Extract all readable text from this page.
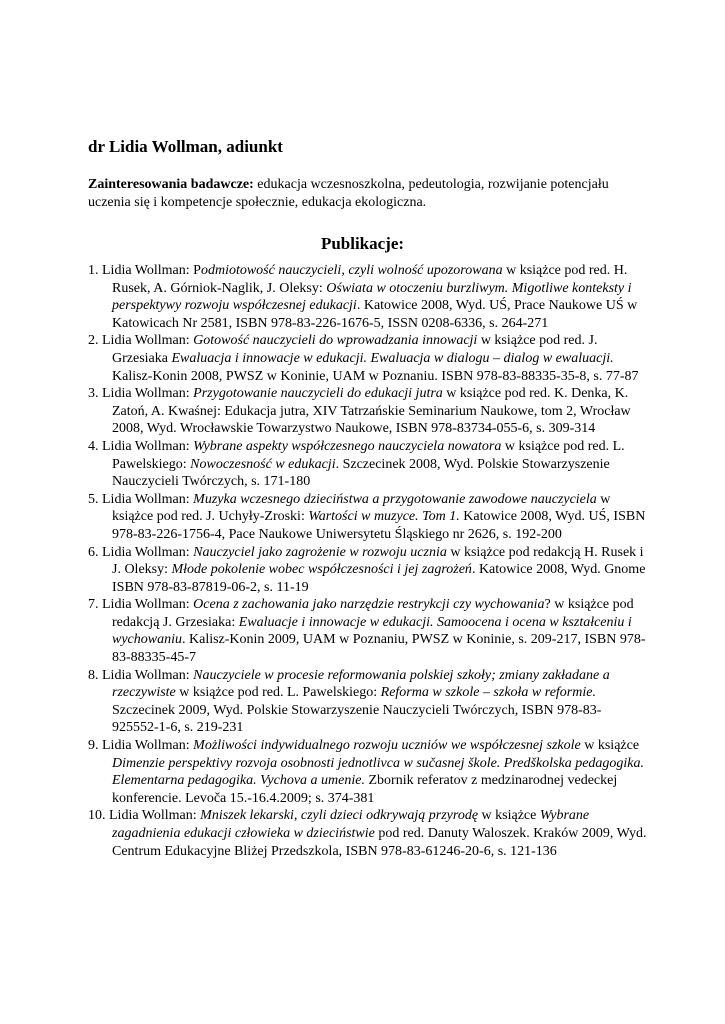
dr Lidia Wollman, adiunkt
Zainteresowania badawcze: edukacja wczesnoszkolna, pedeutologia, rozwijanie potencjału uczenia się i kompetencje społecznie, edukacja ekologiczna.
Publikacje:
1. Lidia Wollman: Podmiotowość nauczycieli, czyli wolność upozorowana w książce pod red. H. Rusek, A. Górniok-Naglik, J. Oleksy: Oświata w otoczeniu burzliwym. Migotliwe konteksty i perspektywy rozwoju współczesnej edukacji. Katowice 2008, Wyd. UŚ, Prace Naukowe UŚ w Katowicach Nr 2581, ISBN 978-83-226-1676-5, ISSN 0208-6336, s. 264-271
2. Lidia Wollman: Gotowość nauczycieli do wprowadzania innowacji w książce pod red. J. Grzesiaka Ewaluacja i innowacje w edukacji. Ewaluacja w dialogu – dialog w ewaluacji. Kalisz-Konin 2008, PWSZ w Koninie, UAM w Poznaniu. ISBN 978-83-88335-35-8, s. 77-87
3. Lidia Wollman: Przygotowanie nauczycieli do edukacji jutra w książce pod red. K. Denka, K. Zatoń, A. Kwaśnej: Edukacja jutra, XIV Tatrzańskie Seminarium Naukowe, tom 2, Wrocław 2008, Wyd. Wrocławskie Towarzystwo Naukowe, ISBN 978-83734-055-6, s. 309-314
4. Lidia Wollman: Wybrane aspekty współczesnego nauczyciela nowatora w książce pod red. L. Pawelskiego: Nowoczesność w edukacji. Szczecinek 2008, Wyd. Polskie Stowarzyszenie Nauczycieli Twórczych, s. 171-180
5. Lidia Wollman: Muzyka wczesnego dzieciństwa a przygotowanie zawodowe nauczyciela w książce pod red. J. Uchyły-Zroski: Wartości w muzyce. Tom 1. Katowice 2008, Wyd. UŚ, ISBN 978-83-226-1756-4, Pace Naukowe Uniwersytetu Śląskiego nr 2626, s. 192-200
6. Lidia Wollman: Nauczyciel jako zagrożenie w rozwoju ucznia w książce pod redakcją H. Rusek i J. Oleksy: Młode pokolenie wobec współczesności i jej zagrożeń. Katowice 2008, Wyd. Gnome ISBN 978-83-87819-06-2, s. 11-19
7. Lidia Wollman: Ocena z zachowania jako narzędzie restrykcji czy wychowania? w książce pod redakcją J. Grzesiaka: Ewaluacje i innowacje w edukacji. Samoocena i ocena w kształceniu i wychowaniu. Kalisz-Konin 2009, UAM w Poznaniu, PWSZ w Koninie, s. 209-217, ISBN 978-83-88335-45-7
8. Lidia Wollman: Nauczyciele w procesie reformowania polskiej szkoły; zmiany zakładane a rzeczywiste w książce pod red. L. Pawelskiego: Reforma w szkole – szkoła w reformie. Szczecinek 2009, Wyd. Polskie Stowarzyszenie Nauczycieli Twórczych, ISBN 978-83-925552-1-6, s. 219-231
9. Lidia Wollman: Możliwości indywidualnego rozwoju uczniów we współczesnej szkole w książce Dimenzie perspektivy rozvoja osobnosti jednotlivca w sučasnej škole. Predškolska pedagogika. Elementarna pedagogika. Vychova a umenie. Zbornik referatov z medzinarodnej vedeckej konferencie. Levoča 15.-16.4.2009; s. 374-381
10. Lidia Wollman: Mniszek lekarski, czyli dzieci odkrywają przyrodę w książce Wybrane zagadnienia edukacji człowieka w dzieciństwie pod red. Danuty Waloszek. Kraków 2009, Wyd. Centrum Edukacyjne Bliżej Przedszkola, ISBN 978-83-61246-20-6, s. 121-136
